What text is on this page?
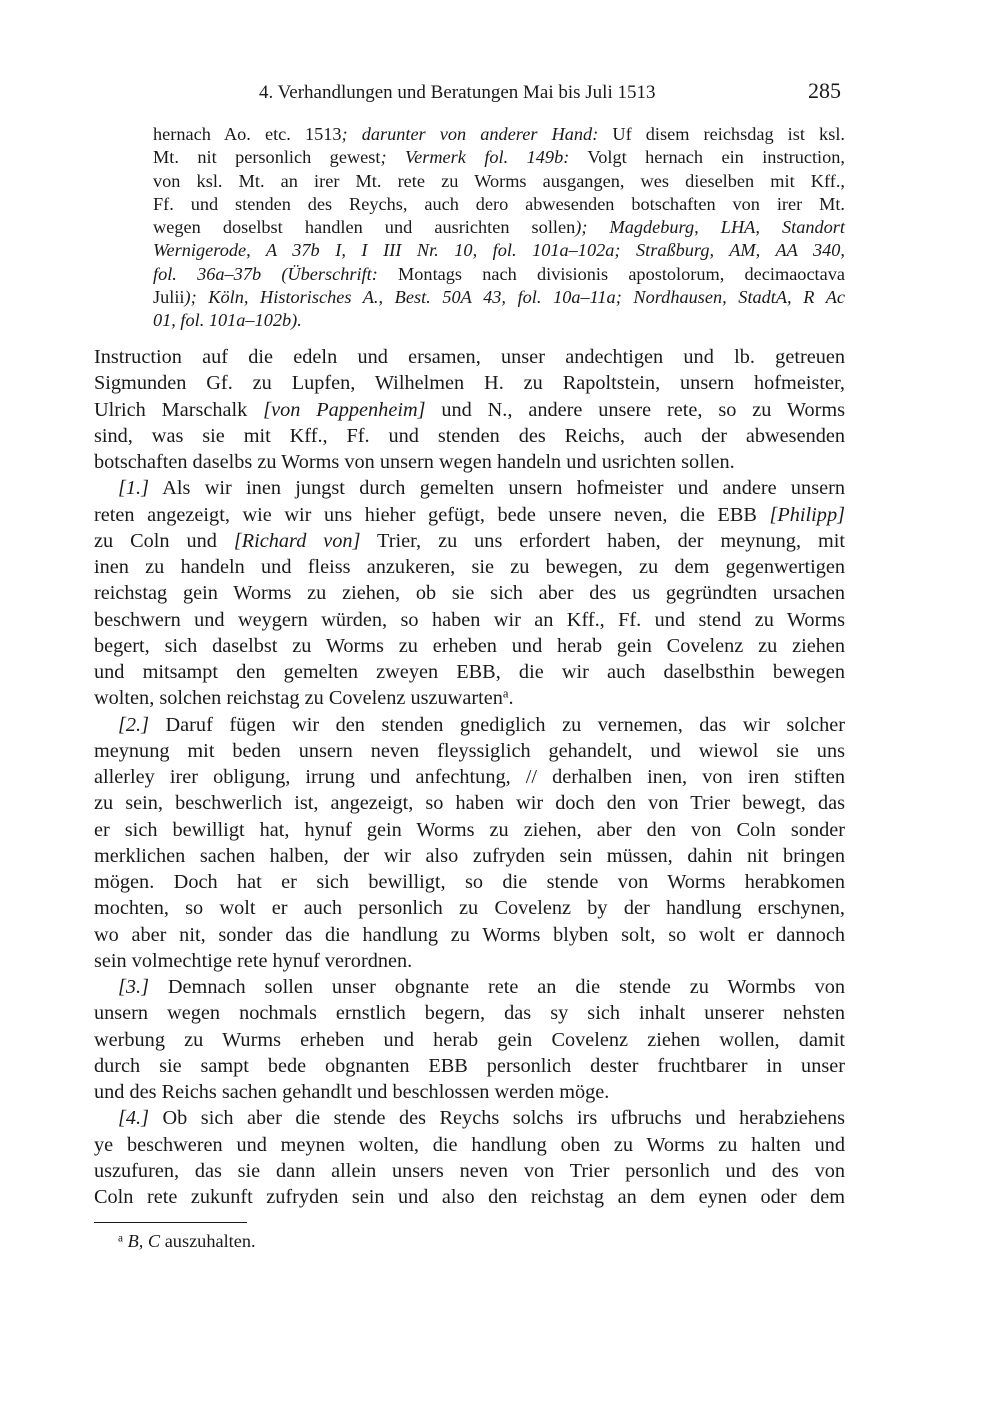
4. Verhandlungen und Beratungen Mai bis Juli 1513	285
hernach Ao. etc. 1513; darunter von anderer Hand: Uf disem reichsdag ist ksl.
Mt. nit personlich gewest; Vermerk fol. 149b: Volgt hernach ein instruction,
von ksl. Mt. an irer Mt. rete zu Worms ausgangen, wes dieselben mit Kff.,
Ff. und stenden des Reychs, auch dero abwesenden botschaften von irer Mt.
wegen doselbst handlen und ausrichten sollen); Magdeburg, LHA, Standort
Wernigerode, A 37b I, I III Nr. 10, fol. 101a–102a; Straßburg, AM, AA 340,
fol. 36a–37b (Überschrift: Montags nach divisionis apostolorum, decimaoctava
Julii); Köln, Historisches A., Best. 50A 43, fol. 10a–11a; Nordhausen, StadtA, R Ac
01, fol. 101a–102b).
Instruction auf die edeln und ersamen, unser andechtigen und lb. getreuen
Sigmunden Gf. zu Lupfen, Wilhelmen H. zu Rapoltstein, unsern hofmeister,
Ulrich Marschalk [von Pappenheim] und N., andere unsere rete, so zu Worms
sind, was sie mit Kff., Ff. und stenden des Reichs, auch der abwesenden
botschaften daselbs zu Worms von unsern wegen handeln und usrichten sollen.
[1.] Als wir inen jungst durch gemelten unsern hofmeister und andere unsern
reten angezeigt, wie wir uns hieher gefügt, bede unsere neven, die EBB [Philipp]
zu Coln und [Richard von] Trier, zu uns erfordert haben, der meynung, mit
inen zu handeln und fleiss anzukeren, sie zu bewegen, zu dem gegenwertigen
reichstag gein Worms zu ziehen, ob sie sich aber des us gegründten ursachen
beschwern und weygern würden, so haben wir an Kff., Ff. und stend zu Worms
begert, sich daselbst zu Worms zu erheben und herab gein Covelenz zu ziehen
und mitsampt den gemelten zweyen EBB, die wir auch daselbsthin bewegen
wolten, solchen reichstag zu Covelenz uszuwarten$^a$.
[2.] Daruf fügen wir den stenden gnediglich zu vernemen, das wir solcher
meynung mit beden unsern neven fleyssiglich gehandelt, und wiewol sie uns
allerley irer obligung, irrung und anfechtung, // derhalben inen, von iren stiften
zu sein, beschwerlich ist, angezeigt, so haben wir doch den von Trier bewegt, das
er sich bewilligt hat, hynuf gein Worms zu ziehen, aber den von Coln sonder
merklichen sachen halben, der wir also zufryden sein müssen, dahin nit bringen
mögen. Doch hat er sich bewilligt, so die stende von Worms herabkomen
mochten, so wolt er auch personlich zu Covelenz by der handlung erschynen,
wo aber nit, sonder das die handlung zu Worms blyben solt, so wolt er dannoch
sein volmechtige rete hynuf verordnen.
[3.] Demnach sollen unser obgnante rete an die stende zu Wormbs von
unsern wegen nochmals ernstlich begern, das sy sich inhalt unserer nehsten
werbung zu Wurms erheben und herab gein Covelenz ziehen wollen, damit
durch sie sampt bede obgnanten EBB personlich dester fruchtbarer in unser
und des Reichs sachen gehandlt und beschlossen werden möge.
[4.] Ob sich aber die stende des Reychs solchs irs ufbruchs und herabziehens
ye beschweren und meynen wolten, die handlung oben zu Worms zu halten und
uszufuren, das sie dann allein unsers neven von Trier personlich und des von
Coln rete zukunft zufryden sein und also den reichstag an dem eynen oder dem
$^a$ B, C auszuhalten.
